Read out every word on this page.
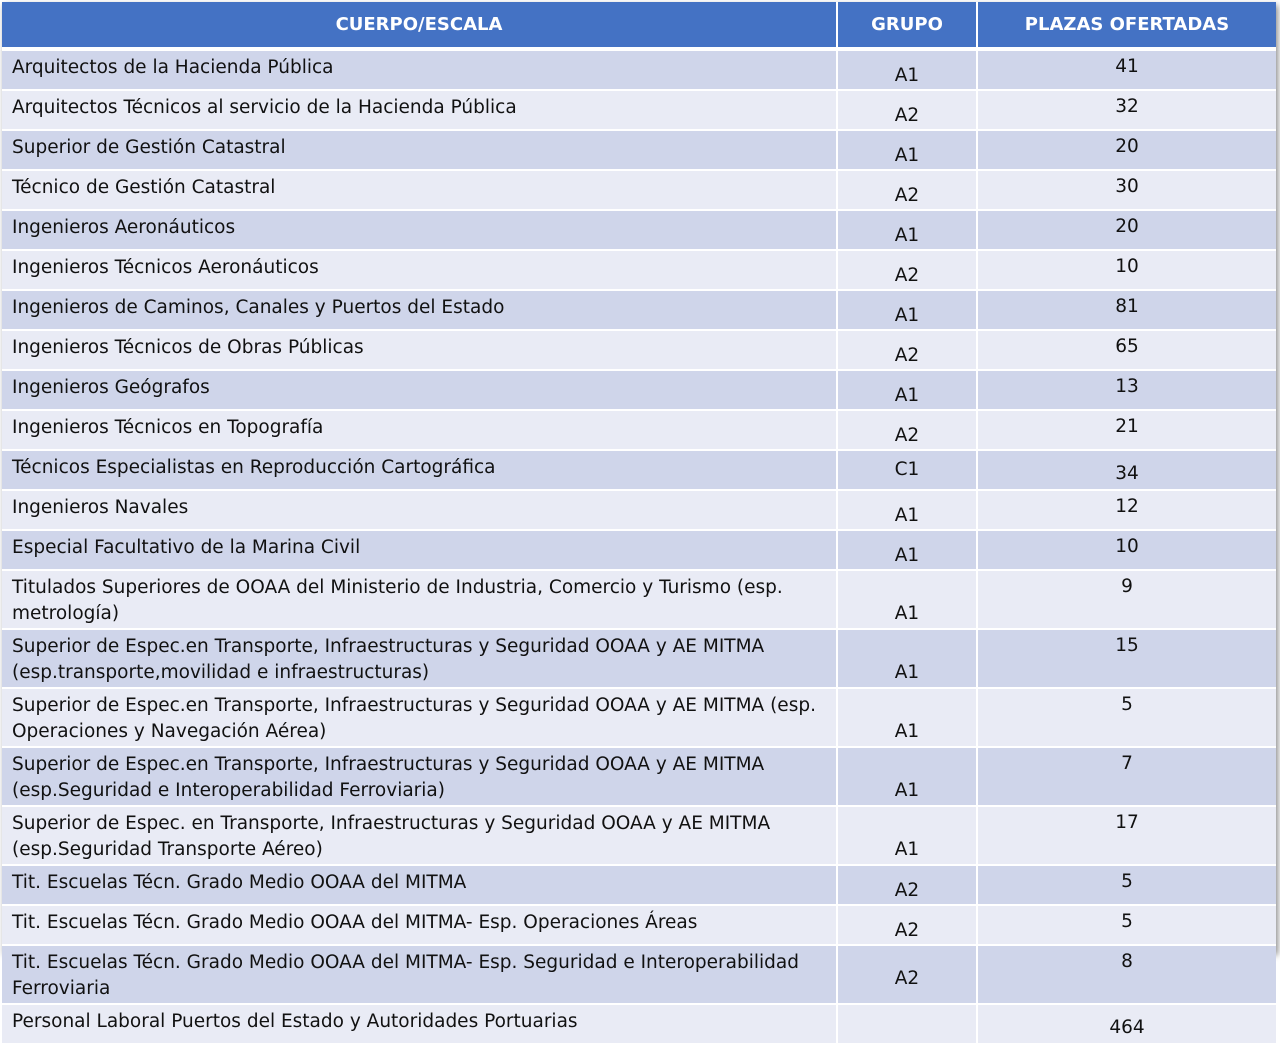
CUERPO/ESCALA	GRUPO	PLAZAS OFERTADAS
Arquitectos de la Hacienda Pública	A1	41

Arquitectos Técnicos al servicio de la Hacienda Pública	A2	32

Superior de Gestión Catastral	A1	20

Técnico de Gestión Catastral	A2	30

Ingenieros Aeronáuticos	A1	20

Ingenieros Técnicos Aeronáuticos	A2	10

Ingenieros de Caminos, Canales y Puertos del Estado	A1	81

Ingenieros Técnicos de Obras Públicas	A2	65

Ingenieros Geógrafos	A1	13

Ingenieros Técnicos en Topografía	A2	21

Técnicos Especialistas en Reproducción Cartográfica	C1	34

Ingenieros Navales	A1	12

Especial Facultativo de la Marina Civil	A1	10

Titulados Superiores de OOAA del Ministerio de Industria, Comercio y Turismo (esp. metrología)	A1	9

Superior de Espec.en Transporte, Infraestructuras y Seguridad OOAA y AE MITMA (esp.transporte,movilidad e infraestructuras)	A1	15

Superior de Espec.en Transporte, Infraestructuras y Seguridad OOAA y AE MITMA (esp. Operaciones y Navegación Aérea)	A1	5

Superior de Espec.en Transporte, Infraestructuras y Seguridad OOAA y AE MITMA (esp.Seguridad e Interoperabilidad Ferroviaria)	A1	7

Superior de Espec. en Transporte, Infraestructuras y Seguridad OOAA y AE MITMA (esp.Seguridad Transporte Aéreo)	A1	17

Tit. Escuelas Técn. Grado Medio OOAA del MITMA	A2	5

Tit. Escuelas Técn. Grado Medio OOAA del MITMA- Esp. Operaciones Áreas	A2	5

Tit. Escuelas Técn. Grado Medio OOAA del MITMA- Esp. Seguridad e Interoperabilidad Ferroviaria	A2	8

Personal Laboral Puertos del Estado y Autoridades Portuarias		464
